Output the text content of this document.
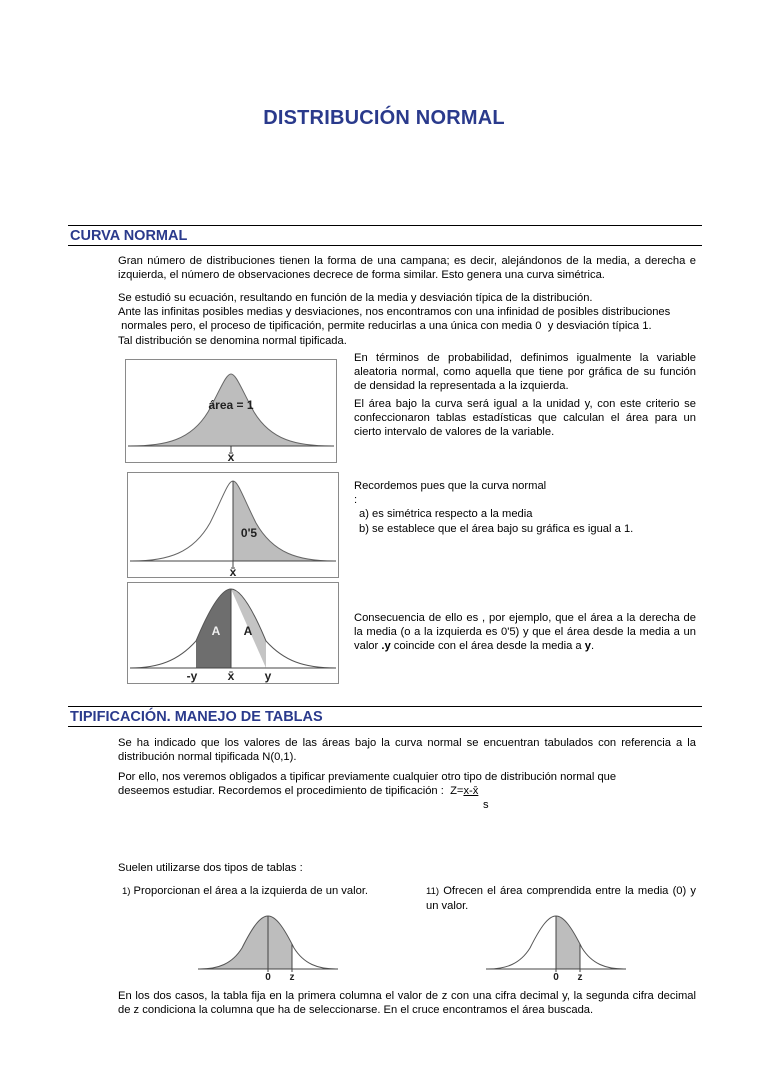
DISTRIBUCIÓN NORMAL
CURVA NORMAL
Gran número de distribuciones tienen la forma de una campana; es decir, alejándonos de la media, a derecha e izquierda, el número de observaciones decrece de forma similar. Esto genera una curva simétrica.
Se estudió su ecuación, resultando en función de la media y desviación típica de la distribución.
Ante las infinitas posibles medias y desviaciones, nos encontramos con una infinidad de posibles distribuciones
normales pero, el proceso de tipificación, permite reducirlas a una única con media 0  y desviación típica 1.
Tal distribución se denomina normal tipificada.
En términos de probabilidad, definimos igualmente la variable aleatoria normal, como aquella que tiene por gráfica de su función de densidad la representada a la izquierda.
El área bajo la curva será igual a la unidad y, con este criterio se confeccionaron tablas estadísticas que calculan el área para un cierto intervalo de valores de la variable.
Recordemos pues que la curva normal
:
a) es simétrica respecto a la media
b) se establece que el área bajo su gráfica es igual a 1.
Consecuencia de ello es , por ejemplo, que el área a la derecha de la media (o a la izquierda es 0'5) y que el área desde la media a un valor .y coincide con el área desde la media a y.
área = 1
x̄
0'5
x̄
A A
-y	x̄	y
TIPIFICACIÓN. MANEJO DE TABLAS
Se ha indicado que los valores de las áreas bajo la curva normal se encuentran tabulados con referencia a la distribución normal tipificada N(0,1).
Por ello, nos veremos obligados a tipificar previamente cualquier otro tipo de distribución normal que
deseemos estudiar. Recordemos el procedimiento de tipificación :  Z=x-x̄
s
Suelen utilizarse dos tipos de tablas :
1) Proporcionan el área a la izquierda de un valor.	11) Ofrecen el área comprendida entre la media (0) y un valor.
0 z	0 z
En los dos casos, la tabla fija en la primera columna el valor de z con una cifra decimal y, la segunda cifra decimal de z condiciona la columna que ha de seleccionarse. En el cruce encontramos el área buscada.
